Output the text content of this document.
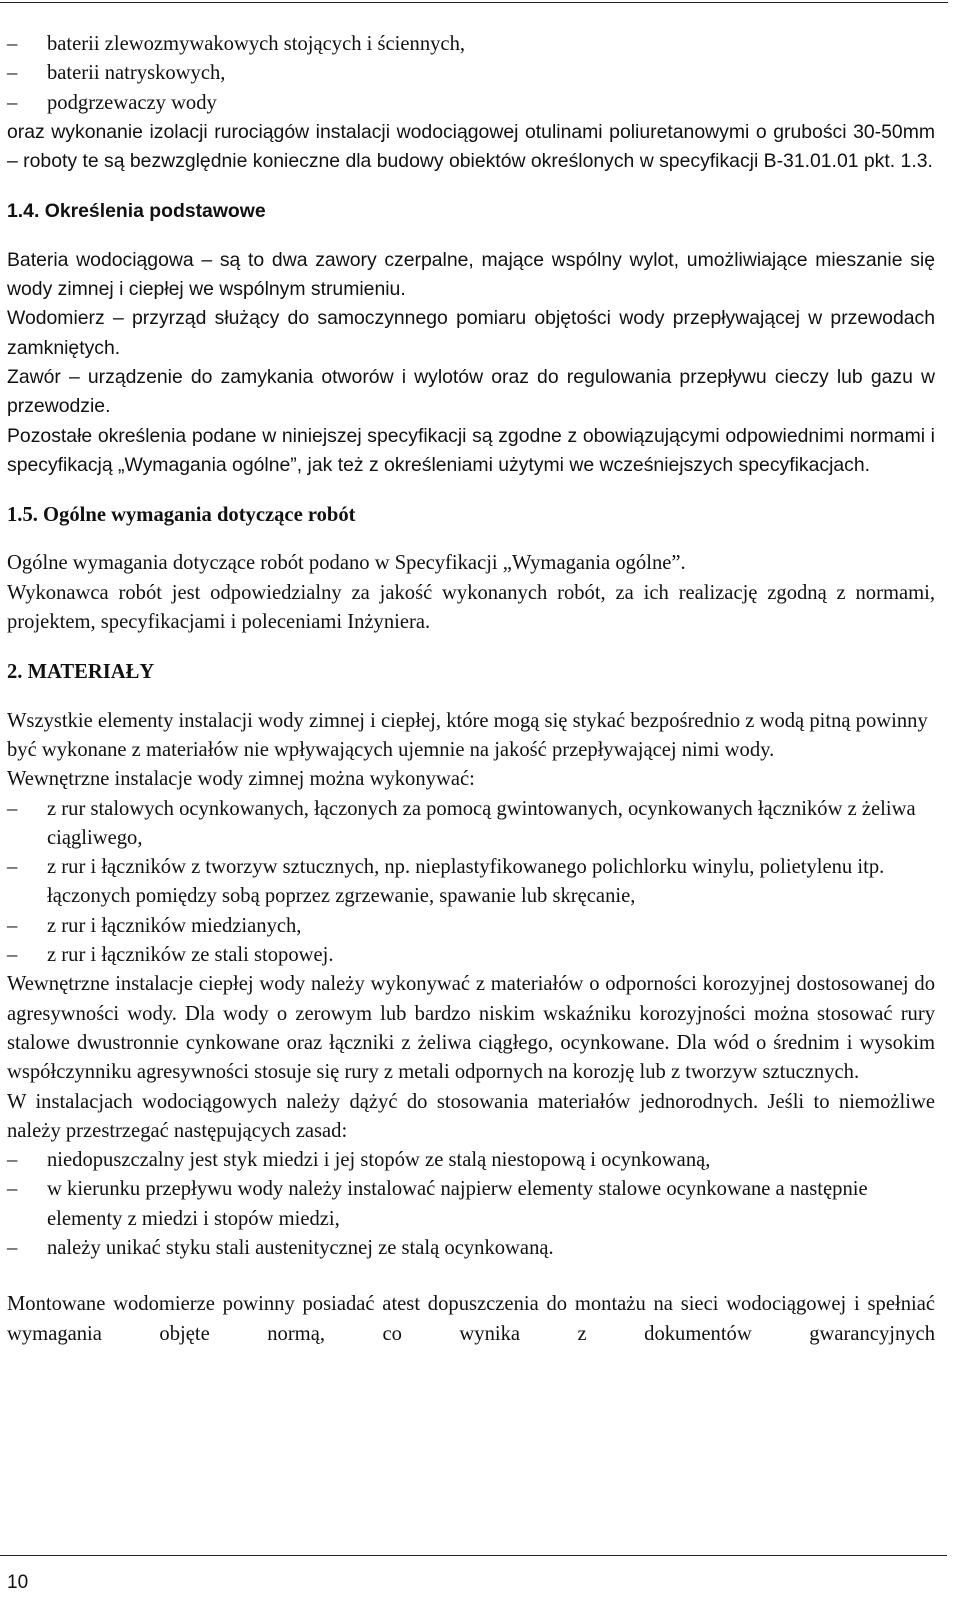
–	baterii zlewozmywakowych stojących i ściennych,
–	baterii natryskowych,
–	podgrzewaczy wody

oraz wykonanie izolacji rurociągów instalacji wodociągowej otulinami poliuretanowymi o grubości 30-50mm – roboty te są bezwzględnie konieczne dla budowy obiektów określonych w specyfikacji B-31.01.01 pkt. 1.3.

1.4. Określenia podstawowe

Bateria wodociągowa – są to dwa zawory czerpalne, mające wspólny wylot, umożliwiające mieszanie się wody zimnej i ciepłej we wspólnym strumieniu.

Wodomierz – przyrząd służący do samoczynnego pomiaru objętości wody przepływającej w przewodach zamkniętych.

Zawór – urządzenie do zamykania otworów i wylotów oraz do regulowania przepływu cieczy lub gazu w przewodzie.

Pozostałe określenia podane w niniejszej specyfikacji są zgodne z obowiązującymi odpowiednimi normami i specyfikacją „Wymagania ogólne”, jak też z określeniami użytymi we wcześniejszych specyfikacjach.

1.5. Ogólne wymagania dotyczące robót

Ogólne wymagania dotyczące robót podano w Specyfikacji „Wymagania ogólne”.

Wykonawca robót jest odpowiedzialny za jakość wykonanych robót, za ich realizację zgodną z normami, projektem, specyfikacjami i poleceniami Inżyniera.

2. MATERIAŁY

Wszystkie elementy instalacji wody zimnej i ciepłej, które mogą się stykać bezpośrednio z wodą pitną powinny być wykonane z materiałów nie wpływających ujemnie na jakość przepływającej nimi wody.

Wewnętrzne instalacje wody zimnej można wykonywać:

–	z rur stalowych ocynkowanych, łączonych za pomocą gwintowanych, ocynkowanych łączników z żeliwa ciągliwego,
–	z rur i łączników z tworzyw sztucznych, np. nieplastyfikowanego polichlorku winylu, polietylenu itp. łączonych pomiędzy sobą poprzez zgrzewanie, spawanie lub skręcanie,
–	z rur i łączników miedzianych,
–	z rur i łączników ze stali stopowej.

Wewnętrzne instalacje ciepłej wody należy wykonywać z materiałów o odporności korozyjnej dostosowanej do agresywności wody. Dla wody o zerowym lub bardzo niskim wskaźniku korozyjności można stosować rury stalowe dwustronnie cynkowane oraz łączniki z żeliwa ciągłego, ocynkowane. Dla wód o średnim i wysokim współczynniku agresywności stosuje się rury z metali odpornych na korozję lub z tworzyw sztucznych.

W instalacjach wodociągowych należy dążyć do stosowania materiałów jednorodnych. Jeśli to niemożliwe należy przestrzegać następujących zasad:

–	niedopuszczalny jest styk miedzi i jej stopów ze stalą niestopową i ocynkowaną,
–	w kierunku przepływu wody należy instalować najpierw elementy stalowe ocynkowane a następnie elementy z miedzi i stopów miedzi,
–	należy unikać styku stali austenitycznej ze stalą ocynkowaną.

Montowane wodomierze powinny posiadać atest dopuszczenia do montażu na sieci wodociągowej i spełniać wymagania objęte normą, co wynika z dokumentów gwarancyjnych

10
